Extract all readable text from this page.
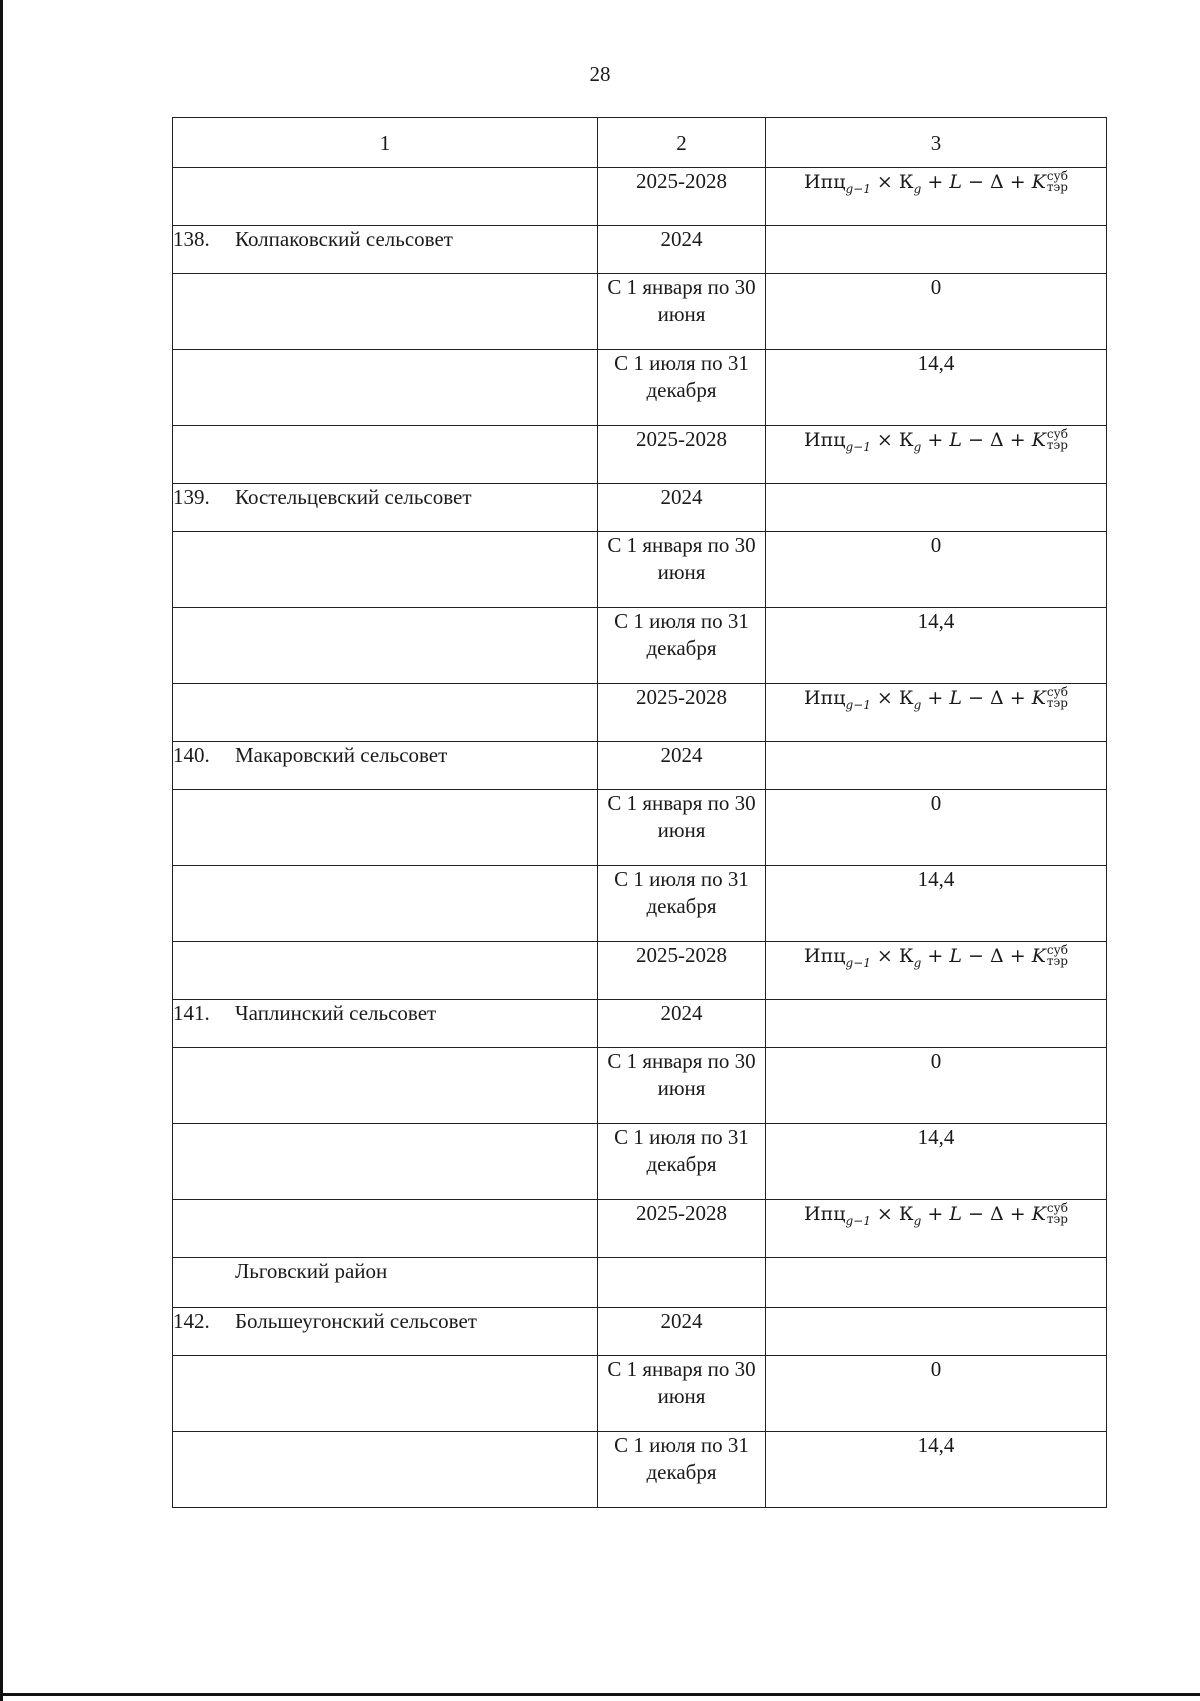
28
1	2	3
	2025-2028	$Ипц_{g-1} \times К_g + L - \Delta + K$ суб
тэр

138. Колпаковский сельсовет	2024	
	С 1 января по 30 июня	0
	С 1 июля по 31 декабря	14,4
	2025-2028	$Ипц_{g-1} \times К_g + L - \Delta + K$ суб
тэр

139. Костельцевский сельсовет	2024	
	С 1 января по 30 июня	0
	С 1 июля по 31 декабря	14,4
	2025-2028	$Ипц_{g-1} \times К_g + L - \Delta + K$ суб
тэр

140. Макаровский сельсовет	2024	
	С 1 января по 30 июня	0
	С 1 июля по 31 декабря	14,4
	2025-2028	$Ипц_{g-1} \times К_g + L - \Delta + K$ суб
тэр

141. Чаплинский сельсовет	2024	
	С 1 января по 30 июня	0
	С 1 июля по 31 декабря	14,4
	2025-2028	$Ипц_{g-1} \times К_g + L - \Delta + K$ суб
тэр

Льговский район		

142. Большеугонский сельсовет	2024	
	С 1 января по 30 июня	0
	С 1 июля по 31 декабря	14,4
